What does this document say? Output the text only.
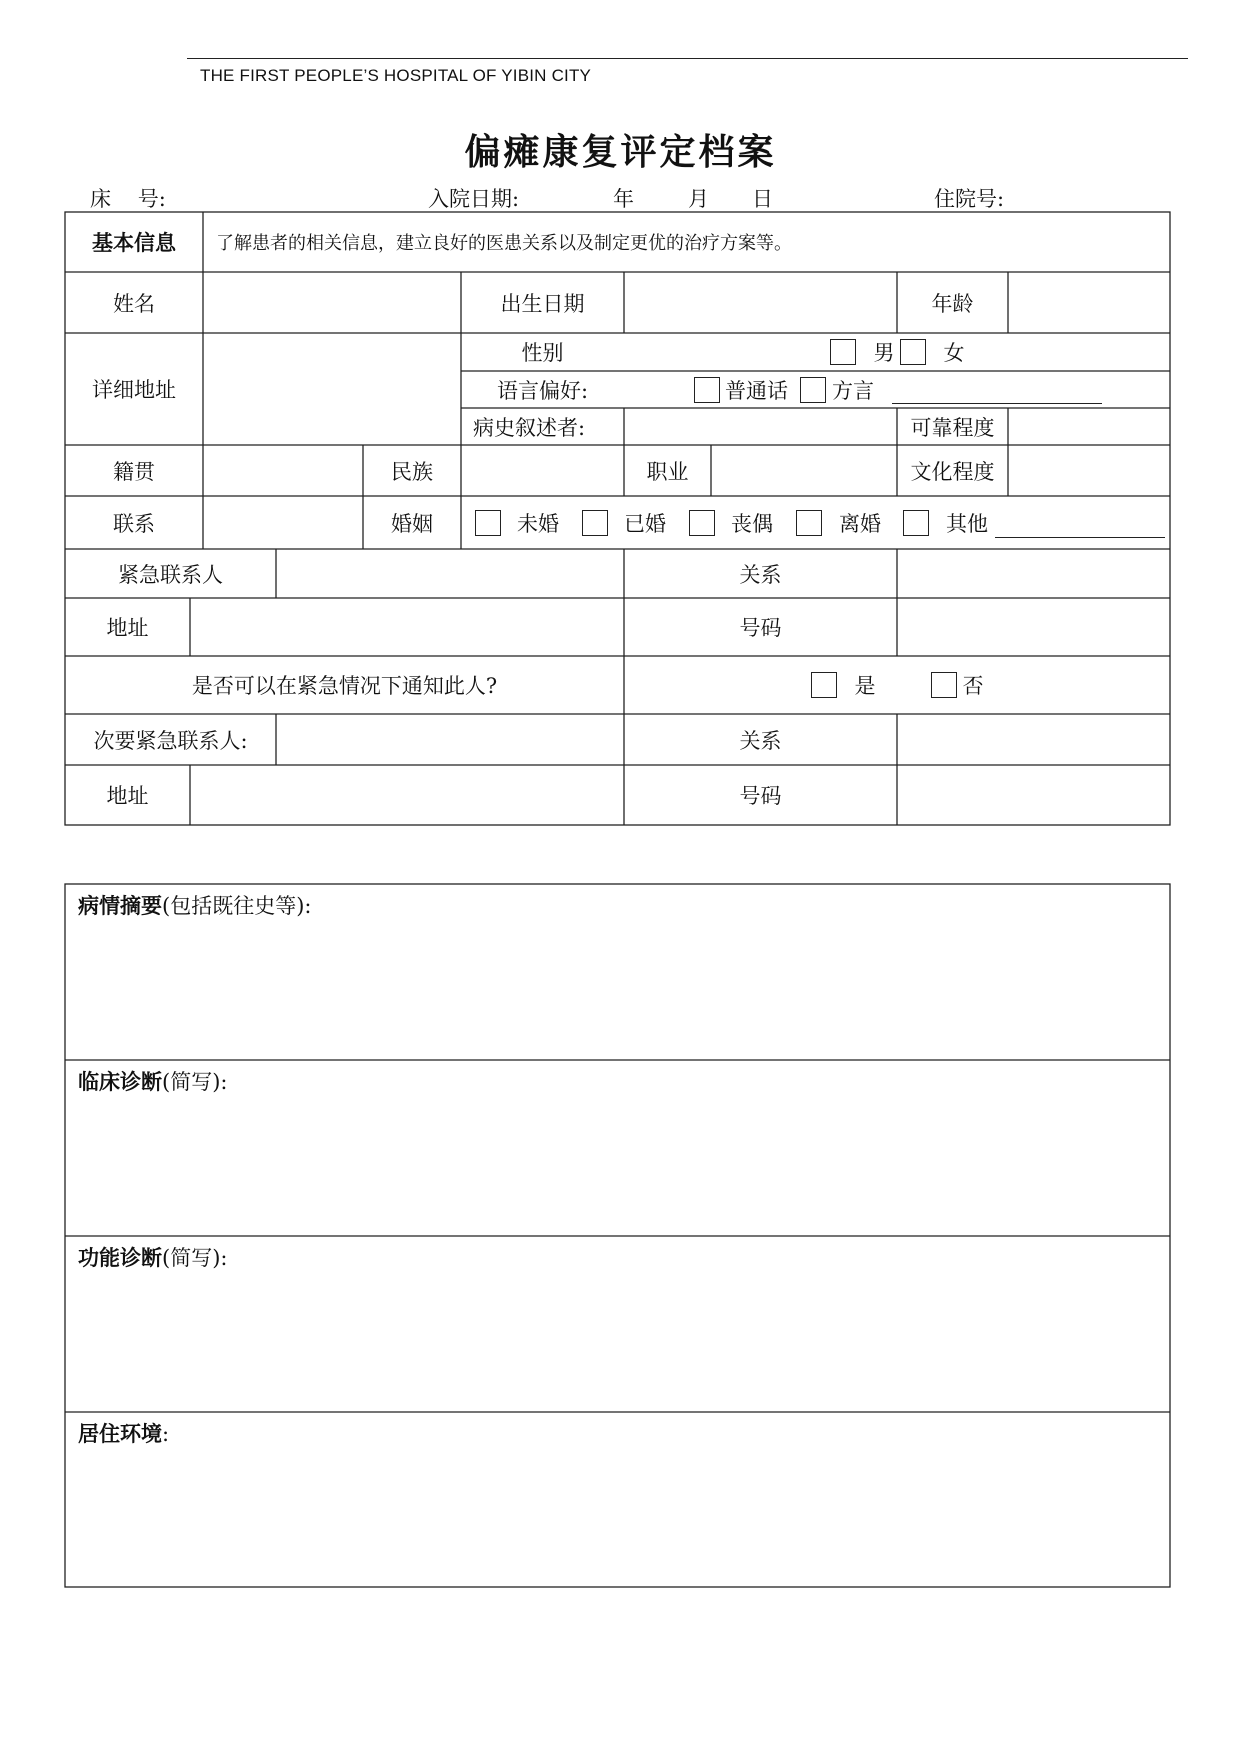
THE FIRST PEOPLE’S HOSPITAL OF YIBIN CITY
偏瘫康复评定档案
床    号:	入院日期:	年	月 日	住院号:
基本信息	了解患者的相关信息，建立良好的医患关系以及制定更优的治疗方案等。
姓名	出生日期	年龄
详细地址
性别	男 女
语言偏好:	普通话	方言
病史叙述者:	可靠程度
籍贯	民族	职业	文化程度
联系	婚姻	未婚	已婚	丧偶	离婚	其他
紧急联系人	关系
地址	号码
是否可以在紧急情况下通知此人?	是	否
次要紧急联系人:	关系
地址	号码
病情摘要(包括既往史等):
临床诊断(简写):
功能诊断(简写):
居住环境:
